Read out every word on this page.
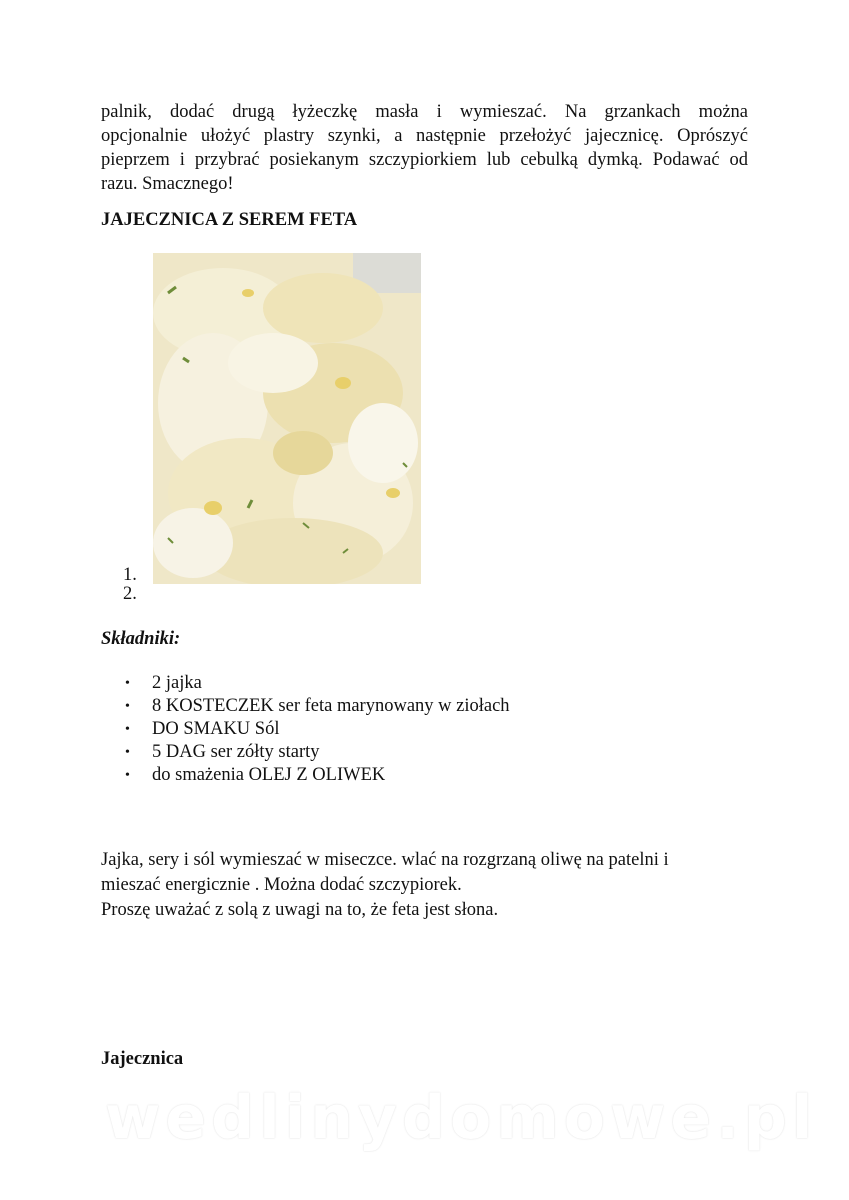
palnik, dodać drugą łyżeczkę masła i wymieszać. Na grzankach można
opcjonalnie ułożyć plastry szynki, a następnie przełożyć jajecznicę. Oprószyć
pieprzem i przybrać posiekanym szczypiorkiem lub cebulką dymką. Podawać od
razu. Smacznego!

JAJECZNICA Z SEREM FETA
1.
2.
Składniki:
• 2 jajka
• 8 KOSTECZEK ser feta marynowany w ziołach
• DO SMAKU Sól
• 5 DAG ser zółty starty
• do smażenia OLEJ Z OLIWEK

Jajka, sery i sól wymieszać w miseczce. wlać na rozgrzaną oliwę na patelni i
mieszać energicznie . Można dodać szczypiorek.
Proszę uważać z solą z uwagi na to, że feta jest słona.

Jajecznica
wedlinydomowe.pl
